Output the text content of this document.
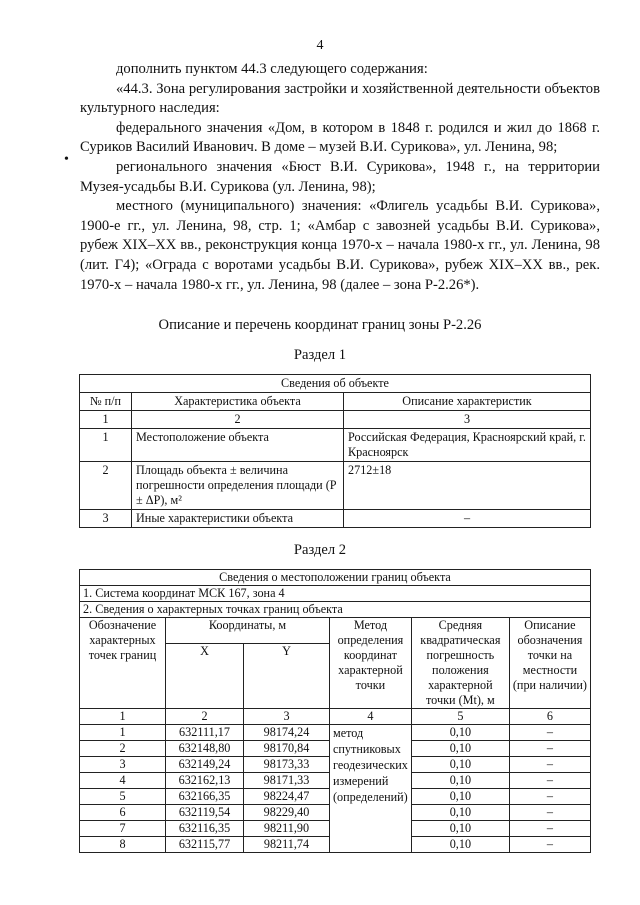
4
•

дополнить пунктом 44.3 следующего содержания:

«44.3. Зона регулирования застройки и хозяйственной деятельности объектов культурного наследия:

федерального значения «Дом, в котором в 1848 г. родился и жил до 1868 г. Суриков Василий Иванович. В доме – музей В.И. Сурикова», ул. Ленина, 98;

регионального значения «Бюст В.И. Сурикова», 1948 г., на территории Музея-усадьбы В.И. Сурикова (ул. Ленина, 98);

местного (муниципального) значения: «Флигель усадьбы В.И. Сурикова», 1900-е гг., ул. Ленина, 98, стр. 1; «Амбар с завозней усадьбы В.И. Сурикова», рубеж XIX–XX вв., реконструкция конца 1970-х – начала 1980-х гг., ул. Ленина, 98 (лит. Г4); «Ограда с воротами усадьбы В.И. Сурикова», рубеж XIX–XX вв., рек. 1970-х – начала 1980-х гг., ул. Ленина, 98 (далее – зона Р-2.26*).

Описание и перечень координат границ зоны Р-2.26
Раздел 1
Сведения об объекте		
№ п/п	Характеристика объекта	Описание характеристик
1	2	3
1	Местоположение объекта	Российская Федерация, Красноярский край, г. Красноярск
2	Площадь объекта ± величина погрешности определения площади (P ± ΔP), м²	2712±18
3	Иные характеристики объекта	–
Раздел 2
Сведения о местоположении границ объекта					
1. Система координат МСК 167, зона 4					
2. Сведения о характерных точках границ объекта					
Обозначение характерных точек границ	Координаты, м		Метод определения координат характерной точки	Средняя квадратическая погрешность положения характерной точки (Mt), м	Описание обозначения точки на местности (при наличии)
	X	Y			
1	2	3	4	5	6
1	632111,17	98174,24	метод спутниковых геодезических измерений (определений)	0,10	–
2	632148,80	98170,84		0,10	–
3	632149,24	98173,33		0,10	–
4	632162,13	98171,33		0,10	–
5	632166,35	98224,47		0,10	–
6	632119,54	98229,40		0,10	–
7	632116,35	98211,90		0,10	–
8	632115,77	98211,74		0,10	–
